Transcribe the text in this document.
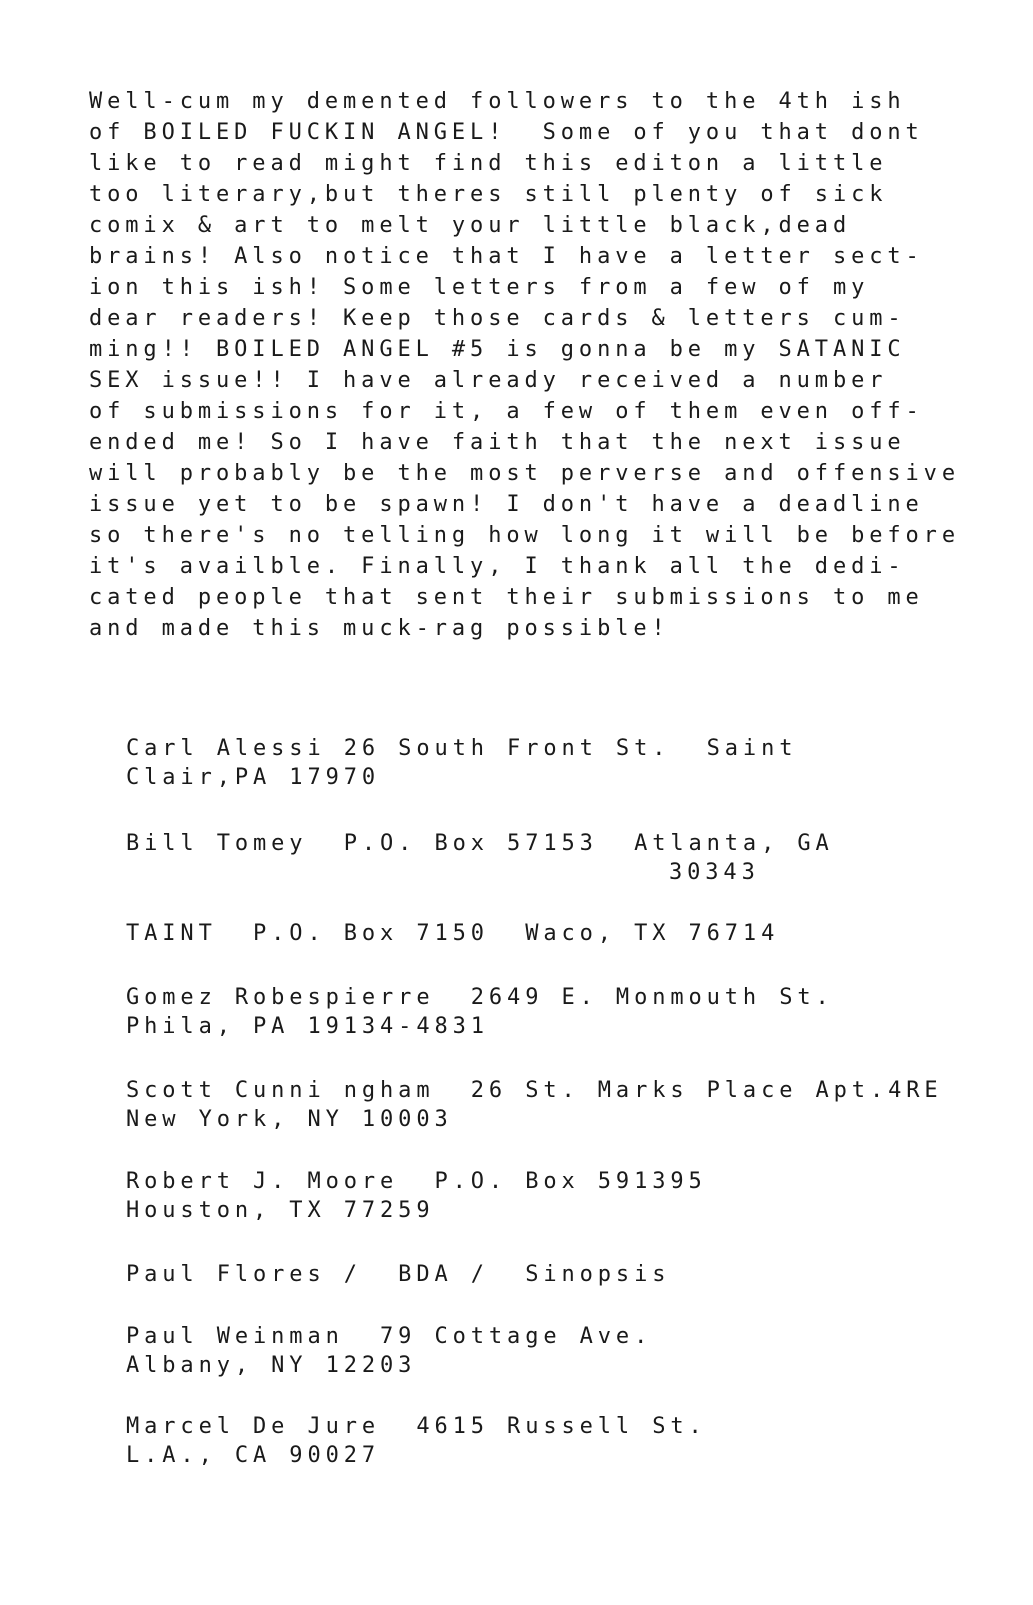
Well-cum my demented followers to the 4th ish

of BOILED FUCKIN ANGEL!  Some of you that dont

like to read might find this editon a little

too literary,but theres still plenty of sick

comix & art to melt your little black,dead

brains! Also notice that I have a letter sect-

ion this ish! Some letters from a few of my

dear readers! Keep those cards & letters cum-

ming!! BOILED ANGEL #5 is gonna be my SATANIC

SEX issue!! I have already received a number

of submissions for it, a few of them even off-

ended me! So I have faith that the next issue

will probably be the most perverse and offensive

issue yet to be spawn! I don't have a deadline

so there's no telling how long it will be before

it's availble. Finally, I thank all the dedi-

cated people that sent their submissions to me

and made this muck-rag possible!

Carl Alessi 26 South Front St.  Saint

Clair,PA 17970

Bill Tomey  P.O. Box 57153  Atlanta, GA

30343

TAINT  P.O. Box 7150  Waco, TX 76714

Gomez Robespierre  2649 E. Monmouth St.

Phila, PA 19134-4831

Scott Cunni ngham  26 St. Marks Place Apt.4RE

New York, NY 10003

Robert J. Moore  P.O. Box 591395

Houston, TX 77259

Paul Flores /  BDA /  Sinopsis

Paul Weinman  79 Cottage Ave.

Albany, NY 12203

Marcel De Jure  4615 Russell St.

L.A., CA 90027
